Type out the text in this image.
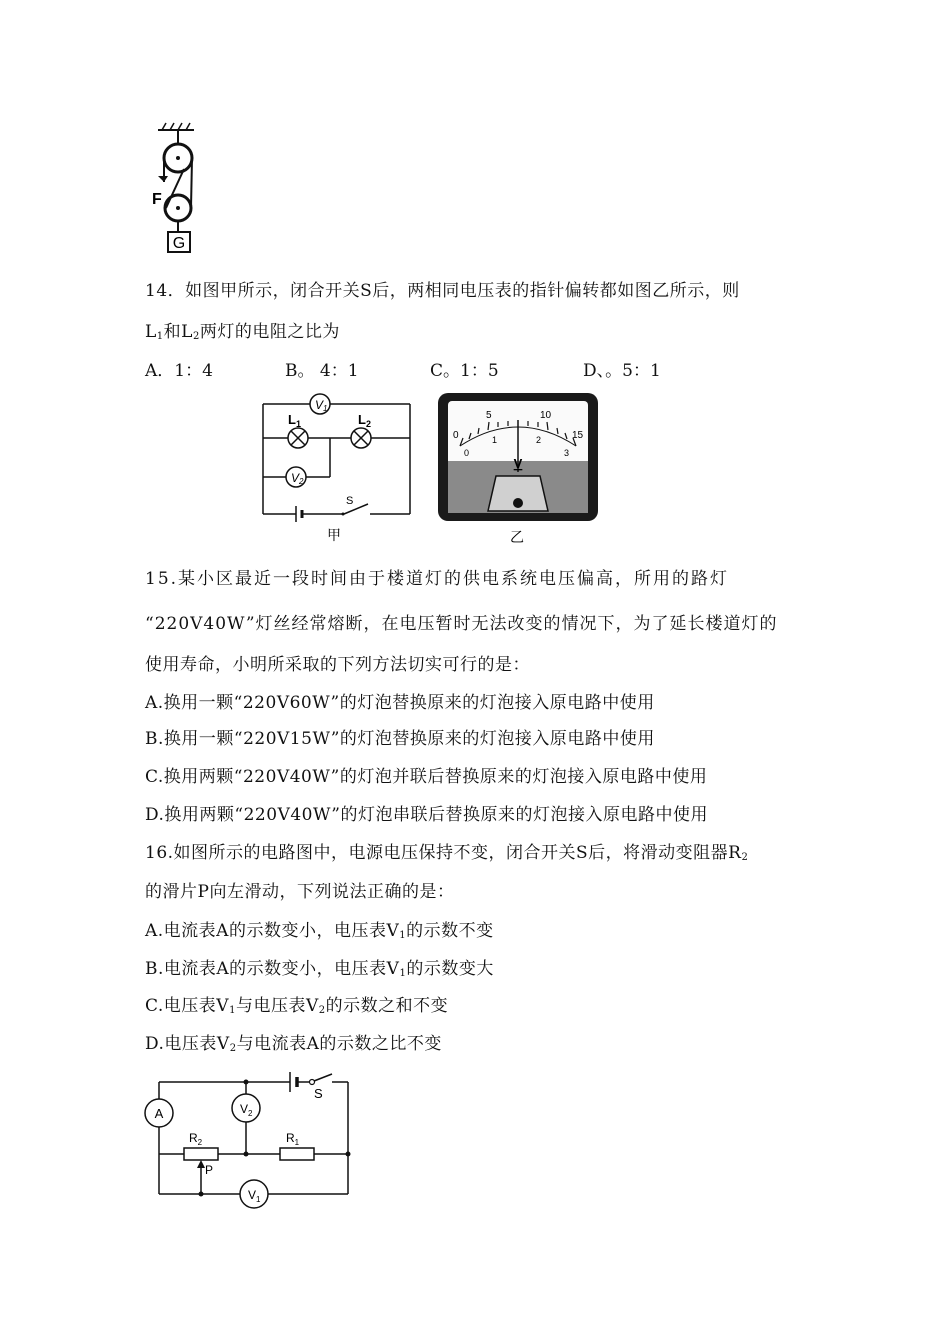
F
G
14．如图甲所示，闭合开关S后，两相同电压表的指针偏转都如图乙所示，则
$L_1$和$L_2$两灯的电阻之比为
A．1：4	B。 4：1	C。1：5	D、。5：1
V1
$L_1$	$L_2$
V2
S
甲
0
5	10
15
0
1	2
3
V
乙
15.某小区最近一段时间由于楼道灯的供电系统电压偏高，所用的路灯
“220V40W”灯丝经常熔断，在电压暂时无法改变的情况下，为了延长楼道灯的
使用寿命，小明所采取的下列方法切实可行的是：
A.换用一颗“220V60W”的灯泡替换原来的灯泡接入原电路中使用
B.换用一颗“220V15W”的灯泡替换原来的灯泡接入原电路中使用
C.换用两颗“220V40W”的灯泡并联后替换原来的灯泡接入原电路中使用
D.换用两颗“220V40W”的灯泡串联后替换原来的灯泡接入原电路中使用
16.如图所示的电路图中，电源电压保持不变，闭合开关S后，将滑动变阻器$R_2$
的滑片P向左滑动，下列说法正确的是：
A.电流表A的示数变小，电压表$V_1$的示数不变
B.电流表A的示数变小，电压表$V_1$的示数变大
C.电压表$V_1$与电压表$V_2$的示数之和不变
D.电压表$V_2$与电流表A的示数之比不变
S
A	$V_2$
$R_2$	$R_1$
P
$V_1$
